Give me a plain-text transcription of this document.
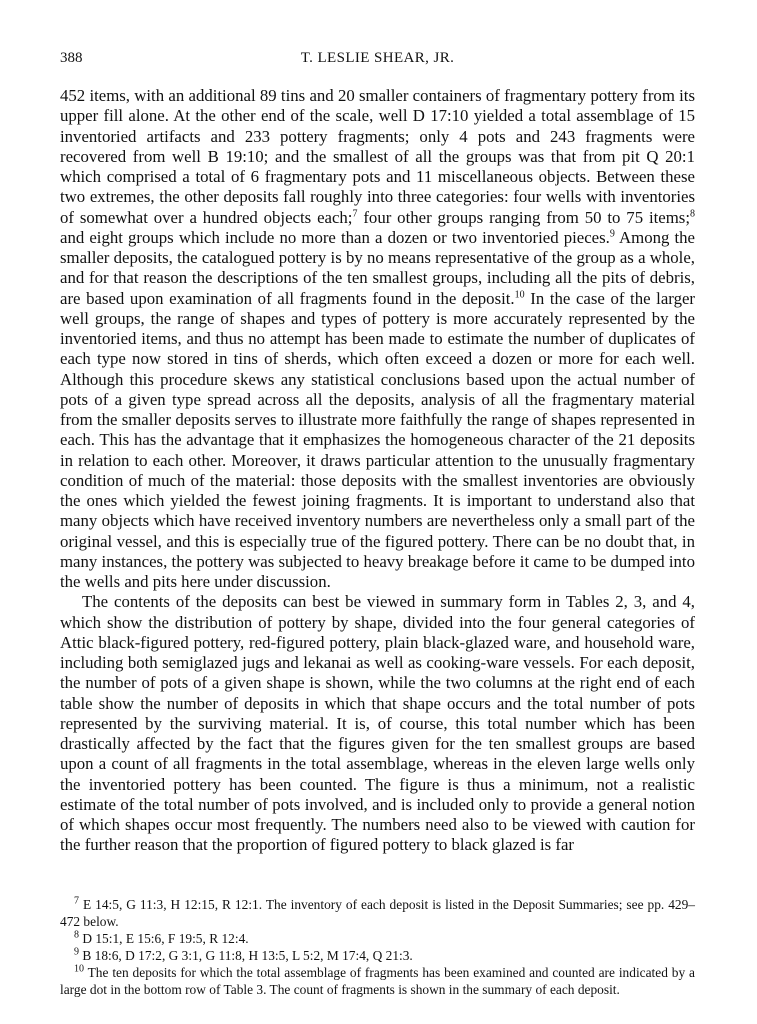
388	T. LESLIE SHEAR, JR.

452 items, with an additional 89 tins and 20 smaller containers of fragmentary pottery from its upper fill alone. At the other end of the scale, well D 17:10 yielded a total assemblage of 15 inventoried artifacts and 233 pottery fragments; only 4 pots and 243 fragments were recovered from well B 19:10; and the smallest of all the groups was that from pit Q 20:1 which comprised a total of 6 fragmentary pots and 11 miscellaneous objects. Between these two extremes, the other deposits fall roughly into three categories: four wells with inventories of somewhat over a hundred objects each;$^7$ four other groups ranging from 50 to 75 items;$^8$ and eight groups which include no more than a dozen or two inventoried pieces.$^9$ Among the smaller deposits, the catalogued pottery is by no means representative of the group as a whole, and for that reason the descriptions of the ten smallest groups, including all the pits of debris, are based upon examination of all fragments found in the deposit.$^{10}$ In the case of the larger well groups, the range of shapes and types of pottery is more accurately represented by the inventoried items, and thus no attempt has been made to estimate the number of duplicates of each type now stored in tins of sherds, which often exceed a dozen or more for each well. Although this procedure skews any statistical conclusions based upon the actual number of pots of a given type spread across all the deposits, analysis of all the fragmentary material from the smaller deposits serves to illustrate more faithfully the range of shapes represented in each. This has the advantage that it emphasizes the homogeneous character of the 21 deposits in relation to each other. Moreover, it draws particular attention to the unusually fragmentary condition of much of the material: those deposits with the smallest inventories are obviously the ones which yielded the fewest joining fragments. It is important to understand also that many objects which have received inventory numbers are nevertheless only a small part of the original vessel, and this is especially true of the figured pottery. There can be no doubt that, in many instances, the pottery was subjected to heavy breakage before it came to be dumped into the wells and pits here under discussion.

The contents of the deposits can best be viewed in summary form in Tables 2, 3, and 4, which show the distribution of pottery by shape, divided into the four general categories of Attic black-figured pottery, red-figured pottery, plain black-glazed ware, and household ware, including both semiglazed jugs and lekanai as well as cooking-ware vessels. For each deposit, the number of pots of a given shape is shown, while the two columns at the right end of each table show the number of deposits in which that shape occurs and the total number of pots represented by the surviving material. It is, of course, this total number which has been drastically affected by the fact that the figures given for the ten smallest groups are based upon a count of all fragments in the total assemblage, whereas in the eleven large wells only the inventoried pottery has been counted. The figure is thus a minimum, not a realistic estimate of the total number of pots involved, and is included only to provide a general notion of which shapes occur most frequently. The numbers need also to be viewed with caution for the further reason that the proportion of figured pottery to black glazed is far

$^7$ E 14:5, G 11:3, H 12:15, R 12:1. The inventory of each deposit is listed in the Deposit Summaries; see pp. 429–472 below.

$^8$ D 15:1, E 15:6, F 19:5, R 12:4.

$^9$ B 18:6, D 17:2, G 3:1, G 11:8, H 13:5, L 5:2, M 17:4, Q 21:3.

$^{10}$ The ten deposits for which the total assemblage of fragments has been examined and counted are indicated by a large dot in the bottom row of Table 3. The count of fragments is shown in the summary of each deposit.
